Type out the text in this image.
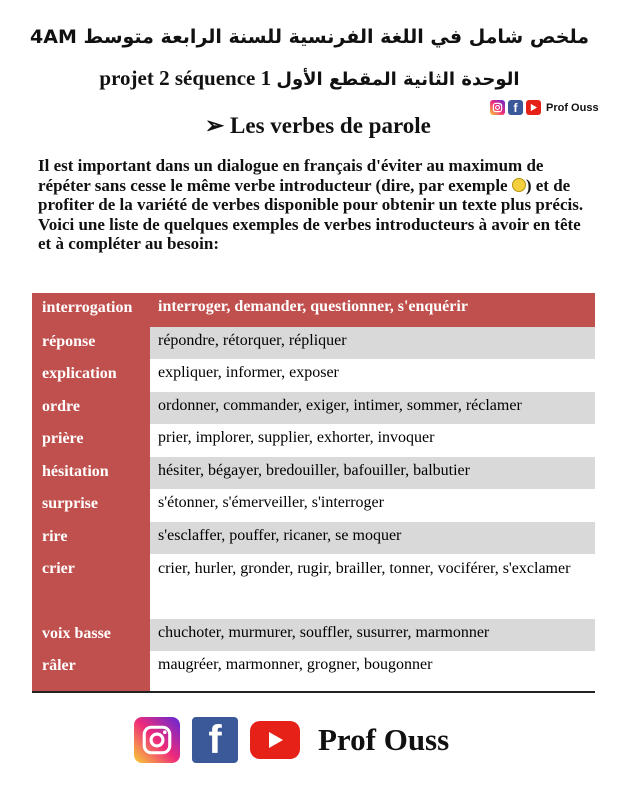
ملخص شامل في اللغة الفرنسية للسنة الرابعة متوسط 4AM
projet 2 séquence 1 الوحدة الثانية المقطع الأول
f	Prof Ouss
➢ Les verbes de parole
Il est important dans un dialogue en français d'éviter au maximum de répéter sans cesse le même verbe introducteur (dire, par exemple ) et de profiter de la variété de verbes disponible pour obtenir un texte plus précis.
Voici une liste de quelques exemples de verbes introducteurs à avoir en tête et à compléter au besoin:
interrogation	interroger, demander, questionner, s'enquérir
réponse	répondre, rétorquer, répliquer
explication	expliquer, informer, exposer
ordre	ordonner, commander, exiger, intimer, sommer, réclamer
prière	prier, implorer, supplier, exhorter, invoquer
hésitation	hésiter, bégayer, bredouiller, bafouiller, balbutier
surprise	s'étonner, s'émerveiller, s'interroger
rire	s'esclaffer, pouffer, ricaner, se moquer
crier	crier, hurler, gronder, rugir, brailler, tonner, vociférer, s'exclamer
voix basse	chuchoter, murmurer, souffler, susurrer, marmonner
râler	maugréer, marmonner, grogner, bougonner
f	Prof Ouss
